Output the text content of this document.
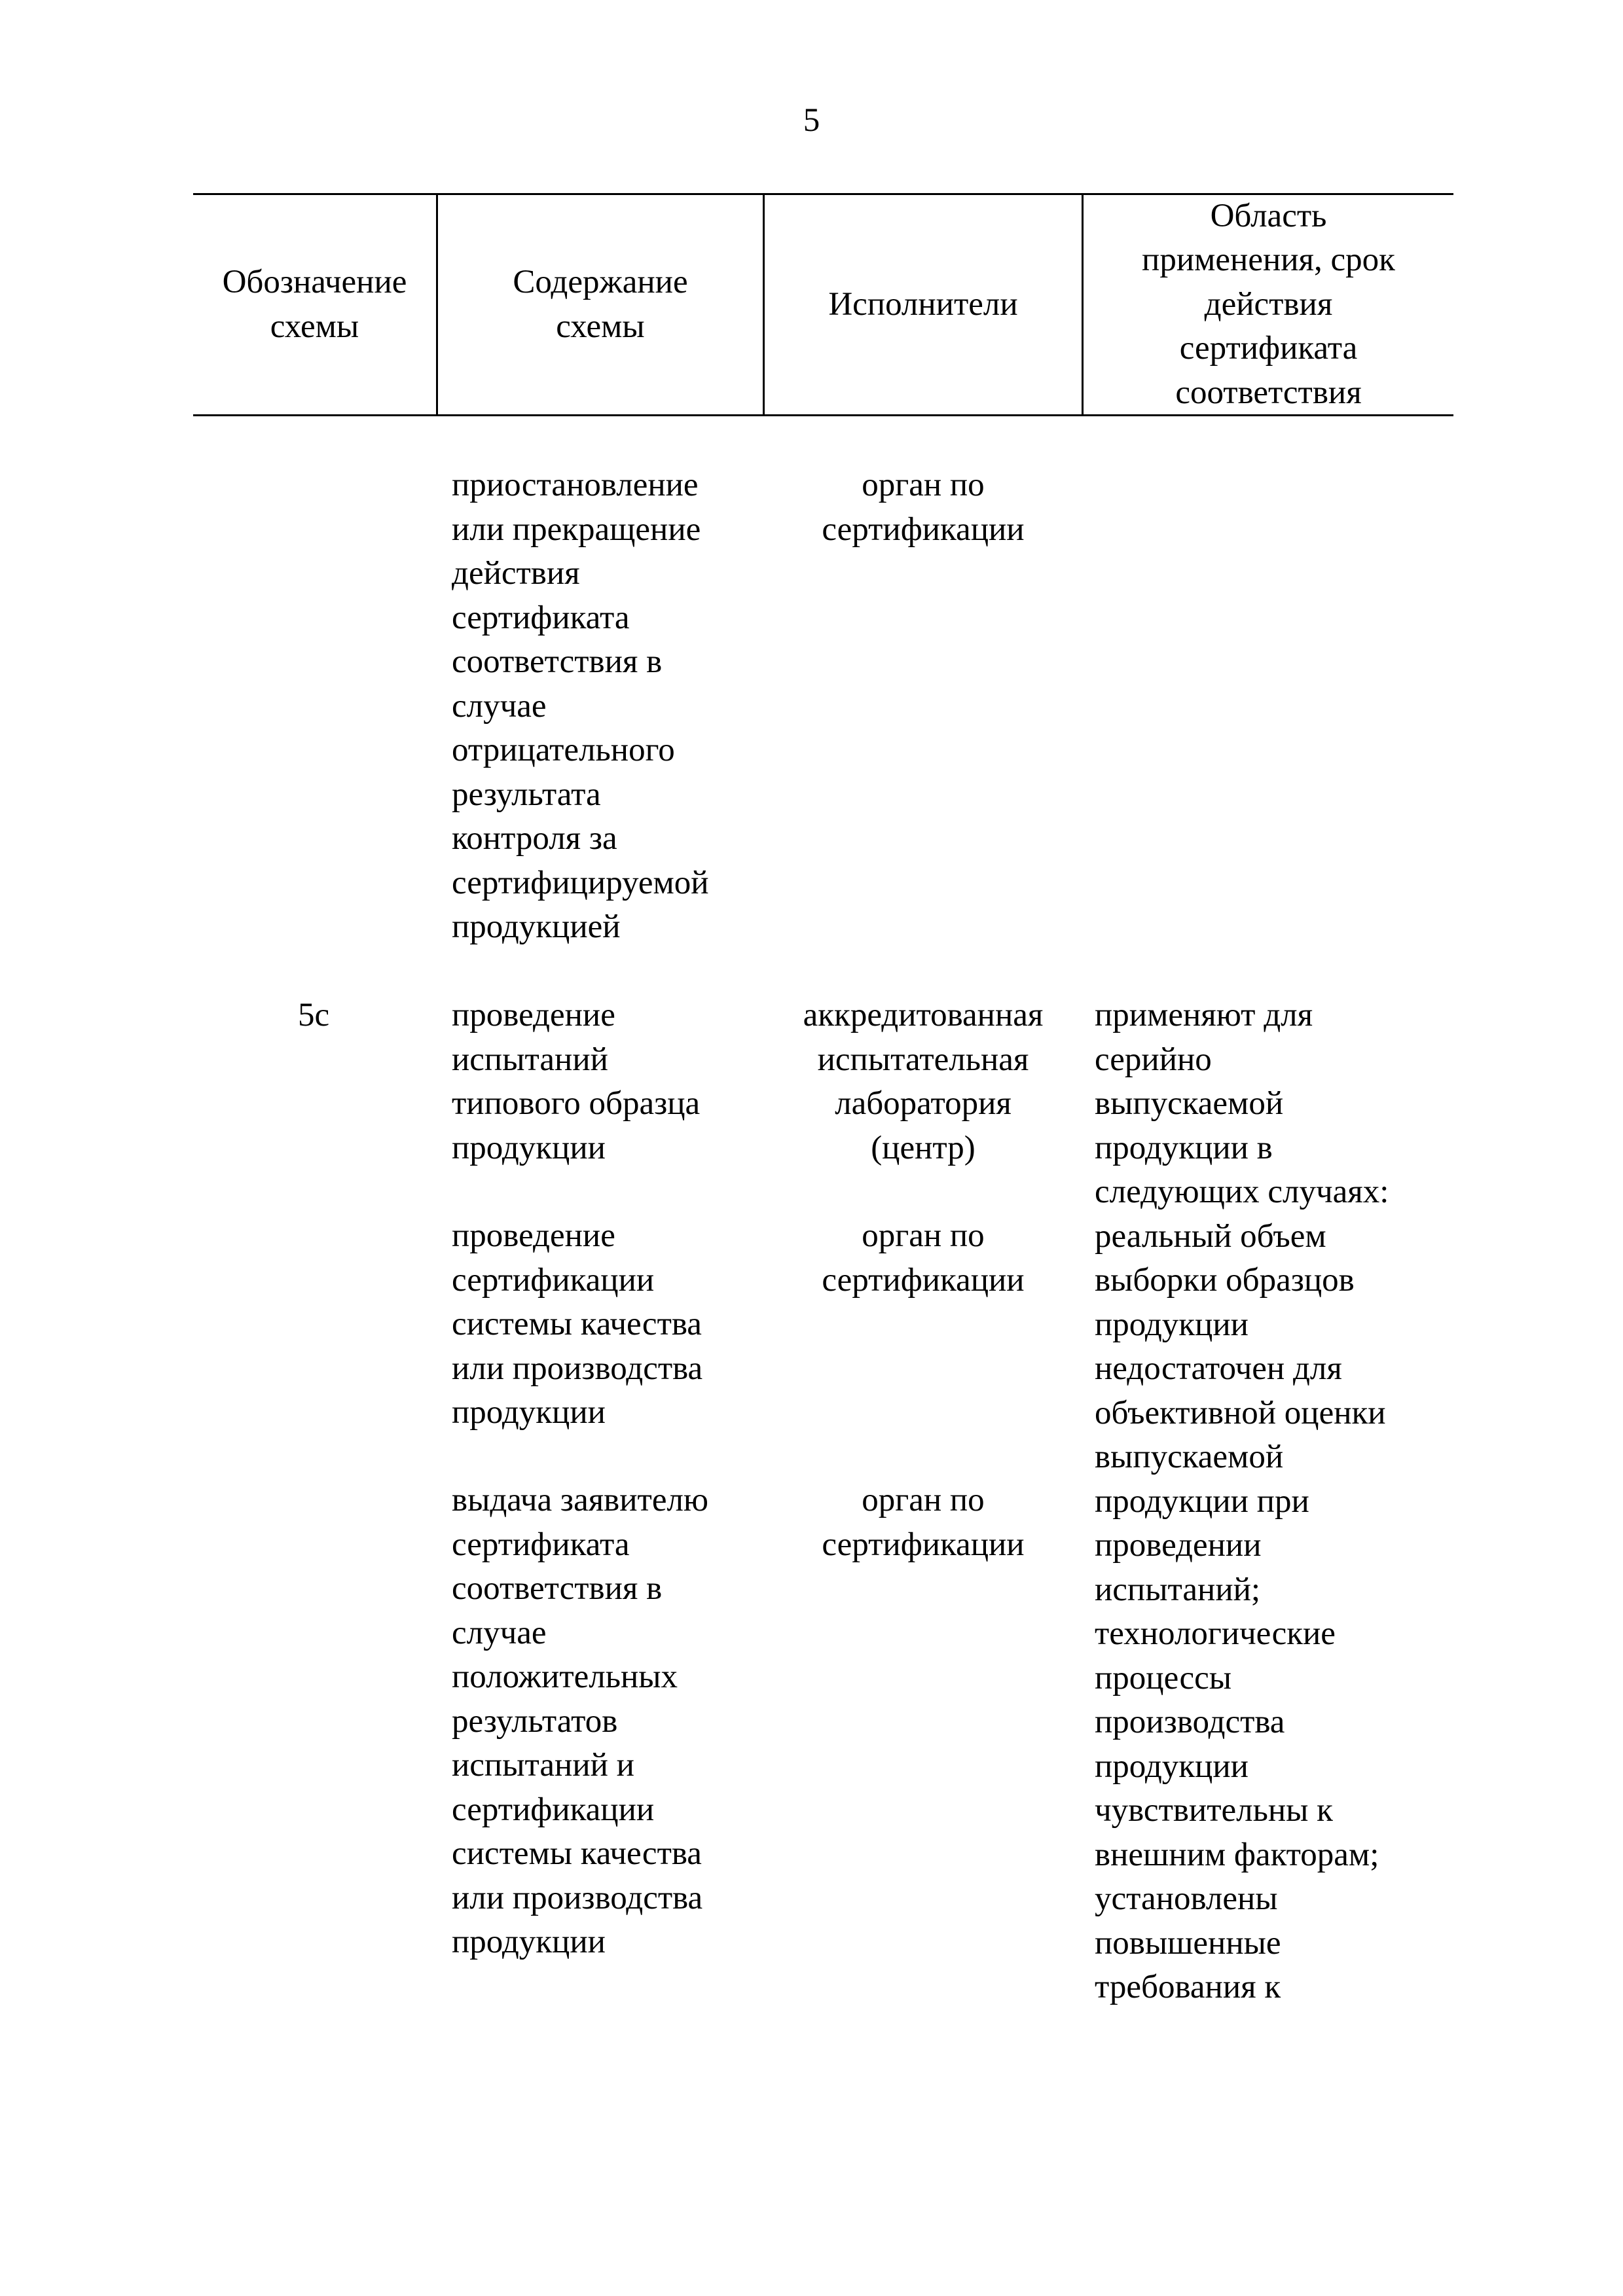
5
Обозначение
схемы
Содержание
схемы
Исполнители
Область
применения, срок
действия
сертификата
соответствия
приостановление
или прекращение
действия
сертификата
соответствия в
случае
отрицательного
результата
контроля за
сертифицируемой
продукцией
орган по
сертификации
5с	проведение
испытаний
типового образца
продукции
аккредитованная
испытательная
лаборатория
(центр)
проведение
сертификации
системы качества
или производства
продукции
орган по
сертификации
выдача заявителю
сертификата
соответствия в
случае
положительных
результатов
испытаний и
сертификации
системы качества
или производства
продукции
орган по
сертификации
применяют для
серийно
выпускаемой
продукции в
следующих случаях:
реальный объем
выборки образцов
продукции
недостаточен для
объективной оценки
выпускаемой
продукции при
проведении
испытаний;
технологические
процессы
производства
продукции
чувствительны к
внешним факторам;
установлены
повышенные
требования к
